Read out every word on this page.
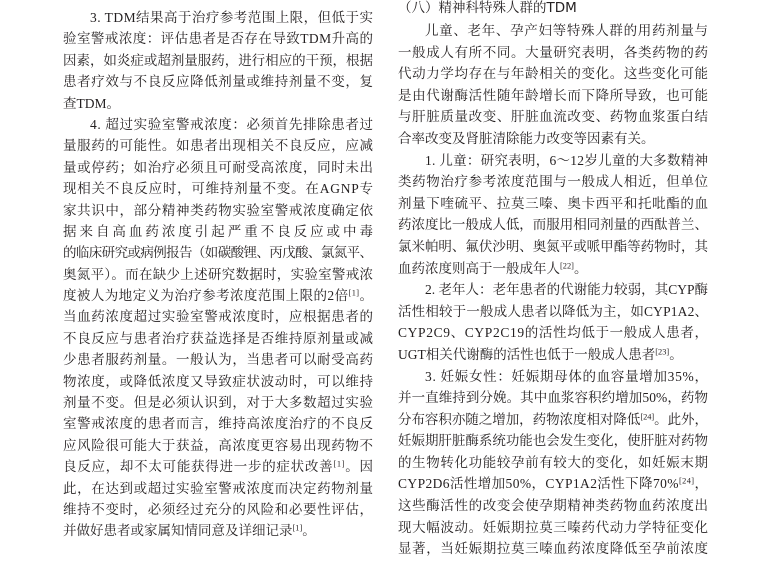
3. TDM结果高于治疗参考范围上限，但低于实
验室警戒浓度：评估患者是否存在导致TDM升高的
因素，如炎症或超剂量服药，进行相应的干预，根据
患者疗效与不良反应降低剂量或维持剂量不变，复
查TDM。
4. 超过实验室警戒浓度：必须首先排除患者过
量服药的可能性。如患者出现相关不良反应，应减
量或停药；如治疗必须且可耐受高浓度，同时未出
现相关不良反应时，可维持剂量不变。在AGNP专
家共识中，部分精神类药物实验室警戒浓度确定依
据来自高血药浓度引起严重不良反应或中毒
的临床研究或病例报告（如碳酸锂、丙戊酸、氯氮平、
奥氮平）。而在缺少上述研究数据时，实验室警戒浓
度被人为地定义为治疗参考浓度范围上限的2倍[1]。
当血药浓度超过实验室警戒浓度时，应根据患者的
不良反应与患者治疗获益选择是否维持原剂量或减
少患者服药剂量。一般认为，当患者可以耐受高药
物浓度，或降低浓度又导致症状波动时，可以维持
剂量不变。但是必须认识到，对于大多数超过实验
室警戒浓度的患者而言，维持高浓度治疗的不良反
应风险很可能大于获益，高浓度更容易出现药物不
良反应，却不太可能获得进一步的症状改善[1]。因
此，在达到或超过实验室警戒浓度而决定药物剂量
维持不变时，必须经过充分的风险和必要性评估，
并做好患者或家属知情同意及详细记录[1]。
（八）精神科特殊人群的TDM
儿童、老年、孕产妇等特殊人群的用药剂量与
一般成人有所不同。大量研究表明，各类药物的药
代动力学均存在与年龄相关的变化。这些变化可能
是由代谢酶活性随年龄增长而下降所导致，也可能
与肝脏质量改变、肝脏血流改变、药物血浆蛋白结
合率改变及肾脏清除能力改变等因素有关。
1. 儿童：研究表明，6～12岁儿童的大多数精神
类药物治疗参考浓度范围与一般成人相近，但单位
剂量下喹硫平、拉莫三嗪、奥卡西平和托吡酯的血
药浓度比一般成人低，而服用相同剂量的西酞普兰、
氯米帕明、氟伏沙明、奥氮平或哌甲酯等药物时，其
血药浓度则高于一般成年人[22]。
2. 老年人：老年患者的代谢能力较弱，其CYP酶
活性相较于一般成人患者以降低为主，如CYP1A2、
CYP2C9、CYP2C19的活性均低于一般成人患者，
UGT相关代谢酶的活性也低于一般成人患者[23]。
3. 妊娠女性：妊娠期母体的血容量增加35%，
并一直维持到分娩。其中血浆容积约增加50%，药物
分布容积亦随之增加，药物浓度相对降低[24]。此外，
妊娠期肝脏酶系统功能也会发生变化，使肝脏对药物
的生物转化功能较孕前有较大的变化，如妊娠末期
CYP2D6活性增加50%，CYP1A2活性下降70%[24]，
这些酶活性的改变会使孕期精神类药物血药浓度出
现大幅波动。妊娠期拉莫三嗪药代动力学特征变化
显著，当妊娠期拉莫三嗪血药浓度降低至孕前浓度
